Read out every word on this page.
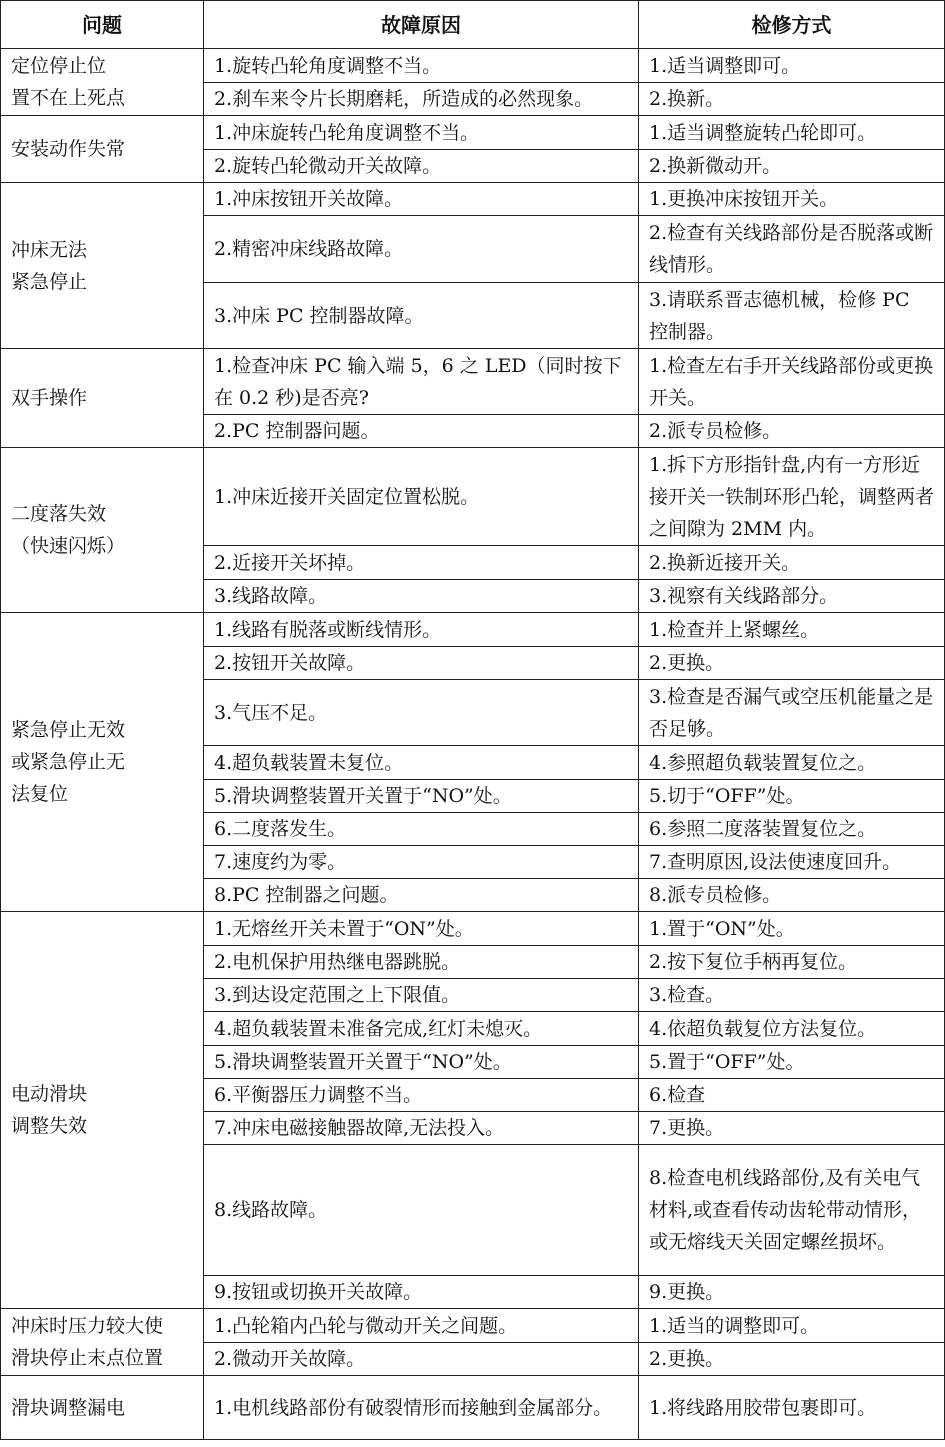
问题	故障原因	检修方式
定位停止位
置不在上死点	1.旋转凸轮角度调整不当。	1.适当调整即可。
	2.刹车来令片长期磨耗，所造成的必然现象。	2.换新。
安装动作失常	1.冲床旋转凸轮角度调整不当。	1.适当调整旋转凸轮即可。
	2.旋转凸轮微动开关故障。	2.换新微动开。
冲床无法
紧急停止	1.冲床按钮开关故障。	1.更换冲床按钮开关。
	2.精密冲床线路故障。	2.检查有关线路部份是否脱落或断线情形。
	3.冲床 PC 控制器故障。	3.请联系晋志德机械，检修 PC 控制器。
双手操作	1.检查冲床 PC 输入端 5，6 之 LED（同时按下在 0.2 秒)是否亮?	1.检查左右手开关线路部份或更换开关。
	2.PC 控制器问题。	2.派专员检修。
二度落失效
（快速闪烁）	1.冲床近接开关固定位置松脱。	1.拆下方形指针盘,内有一方形近接开关一铁制环形凸轮，调整两者之间隙为 2MM 内。
	2.近接开关坏掉。	2.换新近接开关。
	3.线路故障。	3.视察有关线路部分。
紧急停止无效
或紧急停止无
法复位	1.线路有脱落或断线情形。	1.检查并上紧螺丝。
	2.按钮开关故障。	2.更换。
	3.气压不足。	3.检查是否漏气或空压机能量之是否足够。
	4.超负载装置未复位。	4.参照超负载装置复位之。
	5.滑块调整装置开关置于“NO”处。	5.切于“OFF”处。
	6.二度落发生。	6.参照二度落装置复位之。
	7.速度约为零。	7.查明原因,设法使速度回升。
	8.PC 控制器之问题。	8.派专员检修。
电动滑块
调整失效	1.无熔丝开关未置于“ON”处。	1.置于“ON”处。
	2.电机保护用热继电器跳脱。	2.按下复位手柄再复位。
	3.到达设定范围之上下限值。	3.检查。
	4.超负载装置未准备完成,红灯未熄灭。	4.依超负载复位方法复位。
	5.滑块调整装置开关置于“NO”处。	5.置于“OFF”处。
	6.平衡器压力调整不当。	6.检查
	7.冲床电磁接触器故障,无法投入。	7.更换。
	8.线路故障。	8.检查电机线路部份,及有关电气材料,或查看传动齿轮带动情形，或无熔线天关固定螺丝损坏。
	9.按钮或切换开关故障。	9.更换。
冲床时压力较大使
滑块停止末点位置	1.凸轮箱内凸轮与微动开关之间题。	1.适当的调整即可。
	2.微动开关故障。	2.更换。
滑块调整漏电	1.电机线路部份有破裂情形而接触到金属部分。	1.将线路用胶带包裹即可。
